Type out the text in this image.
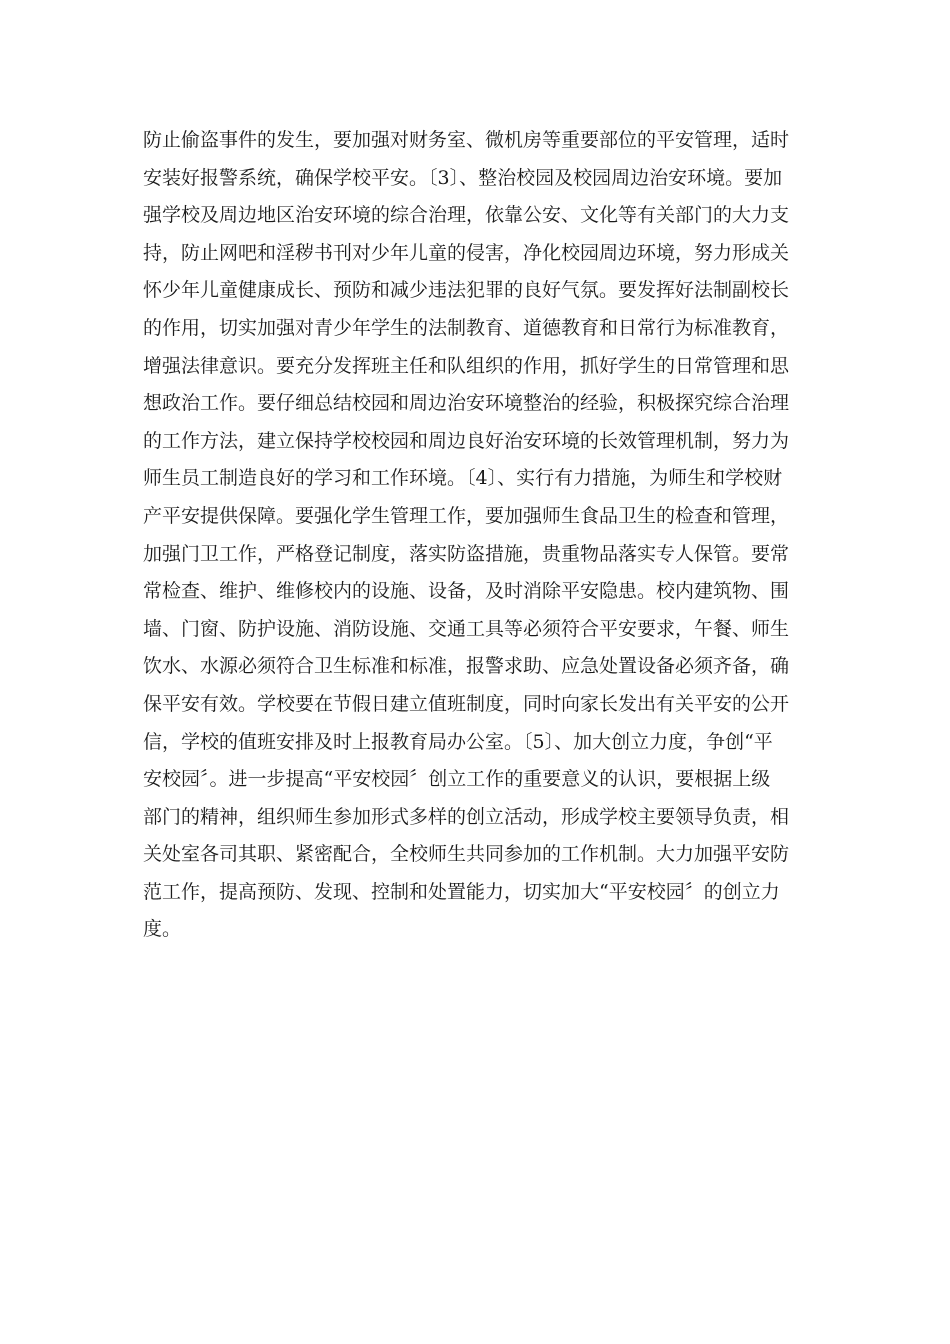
防止偷盗事件的发生，要加强对财务室、微机房等重要部位的平安管理，适时
安装好报警系统，确保学校平安。〔3〕、整治校园及校园周边治安环境。要加
强学校及周边地区治安环境的综合治理，依靠公安、文化等有关部门的大力支
持，防止网吧和淫秽书刊对少年儿童的侵害，净化校园周边环境，努力形成关
怀少年儿童健康成长、预防和减少违法犯罪的良好气氛。要发挥好法制副校长
的作用，切实加强对青少年学生的法制教育、道德教育和日常行为标准教育，
增强法律意识。要充分发挥班主任和队组织的作用，抓好学生的日常管理和思
想政治工作。要仔细总结校园和周边治安环境整治的经验，积极探究综合治理
的工作方法，建立保持学校校园和周边良好治安环境的长效管理机制，努力为
师生员工制造良好的学习和工作环境。〔4〕、实行有力措施，为师生和学校财
产平安提供保障。要强化学生管理工作，要加强师生食品卫生的检查和管理，
加强门卫工作，严格登记制度，落实防盗措施，贵重物品落实专人保管。要常
常检查、维护、维修校内的设施、设备，及时消除平安隐患。校内建筑物、围
墙、门窗、防护设施、消防设施、交通工具等必须符合平安要求，午餐、师生
饮水、水源必须符合卫生标准和标准，报警求助、应急处置设备必须齐备，确
保平安有效。学校要在节假日建立值班制度，同时向家长发出有关平安的公开
信，学校的值班安排及时上报教育局办公室。〔5〕、加大创立力度，争创“平
安校园〞。进一步提高“平安校园〞创立工作的重要意义的认识，要根据上级
部门的精神，组织师生参加形式多样的创立活动，形成学校主要领导负责，相
关处室各司其职、紧密配合，全校师生共同参加的工作机制。大力加强平安防
范工作，提高预防、发现、控制和处置能力，切实加大“平安校园〞的创立力
度。
